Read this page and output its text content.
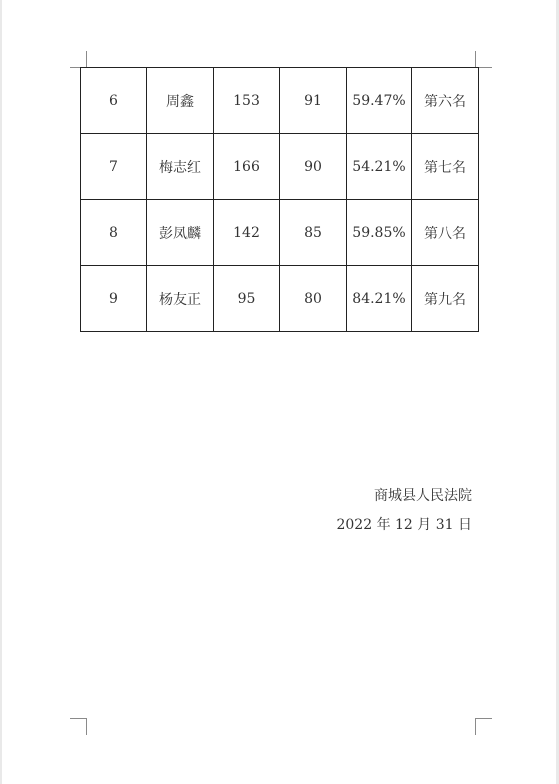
6	周鑫	153	91	59.47%	第六名
7	梅志红	166	90	54.21%	第七名
8	彭凤麟	142	85	59.85%	第八名
9	杨友正	95	80	84.21%	第九名
商城县人民法院
2022 年 12 月 31 日
